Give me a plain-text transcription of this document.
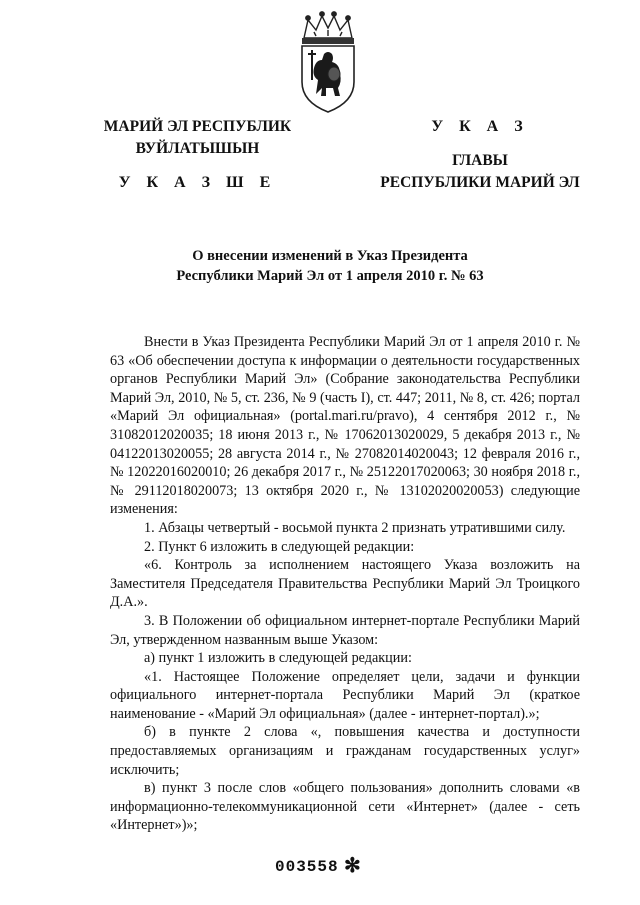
МАРИЙ ЭЛ РЕСПУБЛИК
ВУЙЛАТЫШЫН
У К А З Ш Е
У К А З
ГЛАВЫ
РЕСПУБЛИКИ МАРИЙ ЭЛ
О внесении изменений в Указ Президента
Республики Марий Эл от 1 апреля 2010 г. № 63

Внести в Указ Президента Республики Марий Эл от 1 апреля 2010 г. № 63 «Об обеспечении доступа к информации о деятельности государственных органов Республики Марий Эл» (Собрание законодательства Республики Марий Эл, 2010, № 5, ст. 236, № 9 (часть I), ст. 447; 2011, № 8, ст. 426; портал «Марий Эл официальная» (portal.mari.ru/pravo), 4 сентября 2012 г., № 31082012020035; 18 июня 2013 г., № 17062013020029, 5 декабря 2013 г., № 04122013020055; 28 августа 2014 г., № 27082014020043; 12 февраля 2016 г., № 12022016020010; 26 декабря 2017 г., № 25122017020063; 30 ноября 2018 г., № 29112018020073; 13 октября 2020 г., № 13102020020053) следующие изменения:

1. Абзацы четвертый - восьмой пункта 2 признать утратившими силу.

2. Пункт 6 изложить в следующей редакции:

«6. Контроль за исполнением настоящего Указа возложить на Заместителя Председателя Правительства Республики Марий Эл Троицкого Д.А.».

3. В Положении об официальном интернет-портале Республики Марий Эл, утвержденном названным выше Указом:

а) пункт 1 изложить в следующей редакции:

«1. Настоящее Положение определяет цели, задачи и функции официального интернет-портала Республики Марий Эл (краткое наименование - «Марий Эл официальная» (далее - интернет-портал).»;

б) в пункте 2 слова «, повышения качества и доступности предоставляемых организациям и гражданам государственных услуг» исключить;

в) пункт 3 после слов «общего пользования» дополнить словами «в информационно-телекоммуникационной сети «Интернет» (далее - сеть «Интернет»)»;

003558 ✻
